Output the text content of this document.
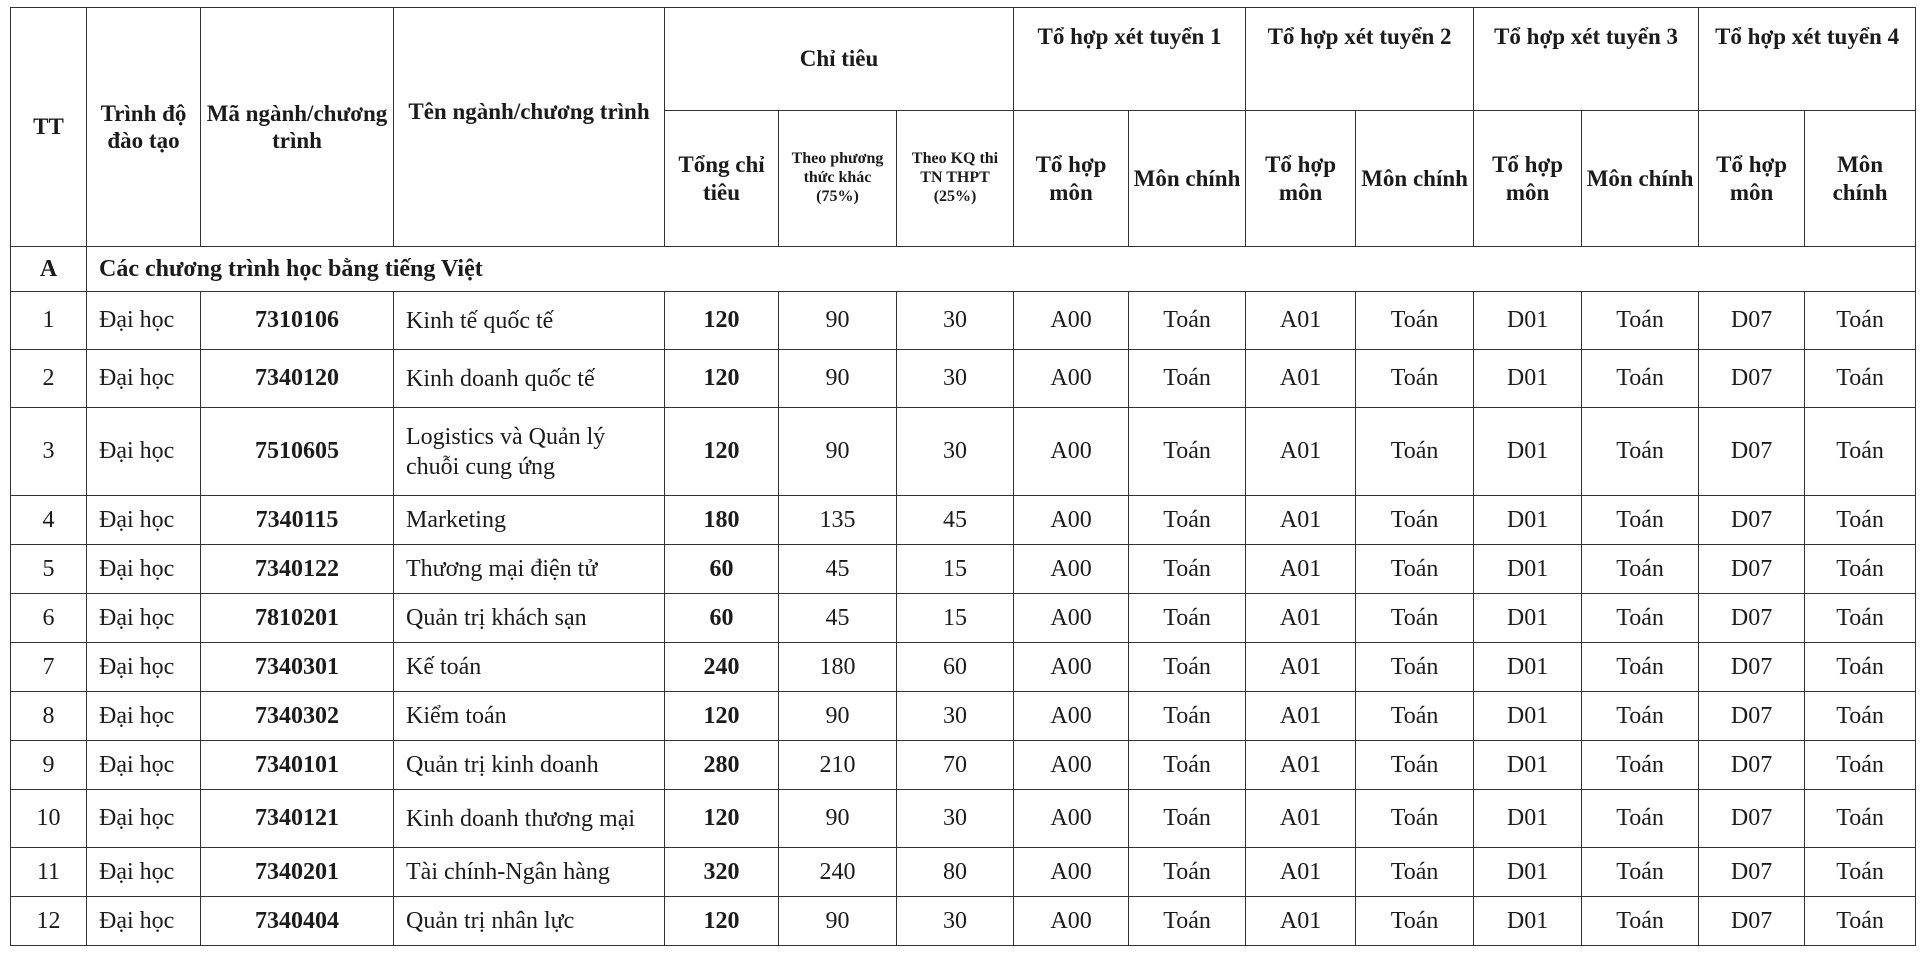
TT	Trình độ đào tạo	Mã ngành/chương trình	Tên ngành/chương trình	Chỉ tiêu			Tổ hợp xét tuyển 1		Tổ hợp xét tuyển 2		Tổ hợp xét tuyển 3		Tổ hợp xét tuyển 4	
				Tổng chỉ tiêu	Theo phương thức khác (75%)	Theo KQ thi TN THPT (25%)	Tổ hợp môn	Môn chính	Tổ hợp môn	Môn chính	Tổ hợp môn	Môn chính	Tổ hợp môn	Môn chính
A	Các chương trình học bằng tiếng Việt													
1	Đại học	7310106	Kinh tế quốc tế	120	90	30	A00	Toán	A01	Toán	D01	Toán	D07	Toán
2	Đại học	7340120	Kinh doanh quốc tế	120	90	30	A00	Toán	A01	Toán	D01	Toán	D07	Toán
3	Đại học	7510605	Logistics và Quản lý chuỗi cung ứng	120	90	30	A00	Toán	A01	Toán	D01	Toán	D07	Toán
4	Đại học	7340115	Marketing	180	135	45	A00	Toán	A01	Toán	D01	Toán	D07	Toán
5	Đại học	7340122	Thương mại điện tử	60	45	15	A00	Toán	A01	Toán	D01	Toán	D07	Toán
6	Đại học	7810201	Quản trị khách sạn	60	45	15	A00	Toán	A01	Toán	D01	Toán	D07	Toán
7	Đại học	7340301	Kế toán	240	180	60	A00	Toán	A01	Toán	D01	Toán	D07	Toán
8	Đại học	7340302	Kiểm toán	120	90	30	A00	Toán	A01	Toán	D01	Toán	D07	Toán
9	Đại học	7340101	Quản trị kinh doanh	280	210	70	A00	Toán	A01	Toán	D01	Toán	D07	Toán
10	Đại học	7340121	Kinh doanh thương mại	120	90	30	A00	Toán	A01	Toán	D01	Toán	D07	Toán
11	Đại học	7340201	Tài chính-Ngân hàng	320	240	80	A00	Toán	A01	Toán	D01	Toán	D07	Toán
12	Đại học	7340404	Quản trị nhân lực	120	90	30	A00	Toán	A01	Toán	D01	Toán	D07	Toán
